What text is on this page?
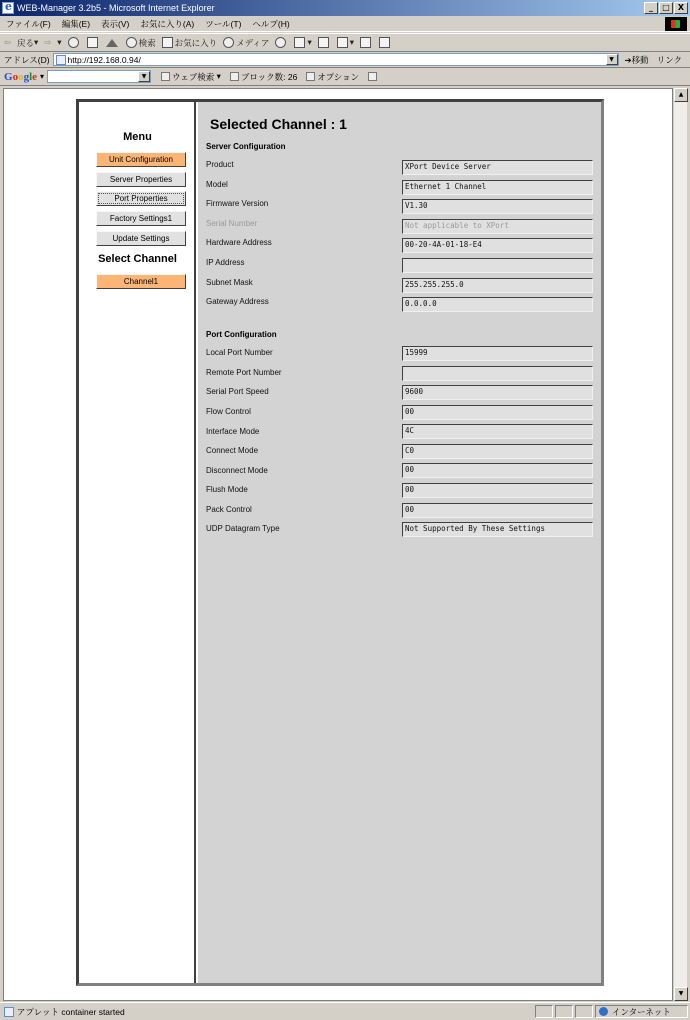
e
WEB-Manager 3.2b5 - Microsoft Internet Explorer	_	□	X
ファイル(F) 編集(E) 表示(V) お気に入り(A) ツール(T) ヘルプ(H)
⇦ 戻る ▾ ⇨ ▾	検索 お気に入り メディア	▾	▾
アドレス(D) http://192.168.0.94/	▼	➔移動 リンク
Google ▾	▼	ウェブ検索 ▾ ブロック数: 26 オプション
▲
▼
Menu
Unit Configuration
Server Properties
Port Properties
Factory Settings1
Update Settings
Select Channel
Channel1
Selected Channel : 1
Server Configuration
Product	XPort Device Server
Model	Ethernet 1 Channel
Firmware Version	V1.30
Serial Number	Not applicable to XPort
Hardware Address	00-20-4A-01-18-E4
IP Address
Subnet Mask	255.255.255.0
Gateway Address	0.0.0.0
Port Configuration
Local Port Number	15999
Remote Port Number
Serial Port Speed	9600
Flow Control	00
Interface Mode	4C
Connect Mode	C0
Disconnect Mode	00
Flush Mode	00
Pack Control	00
UDP Datagram Type	Not Supported By These Settings
アプレット container started	インターネット
